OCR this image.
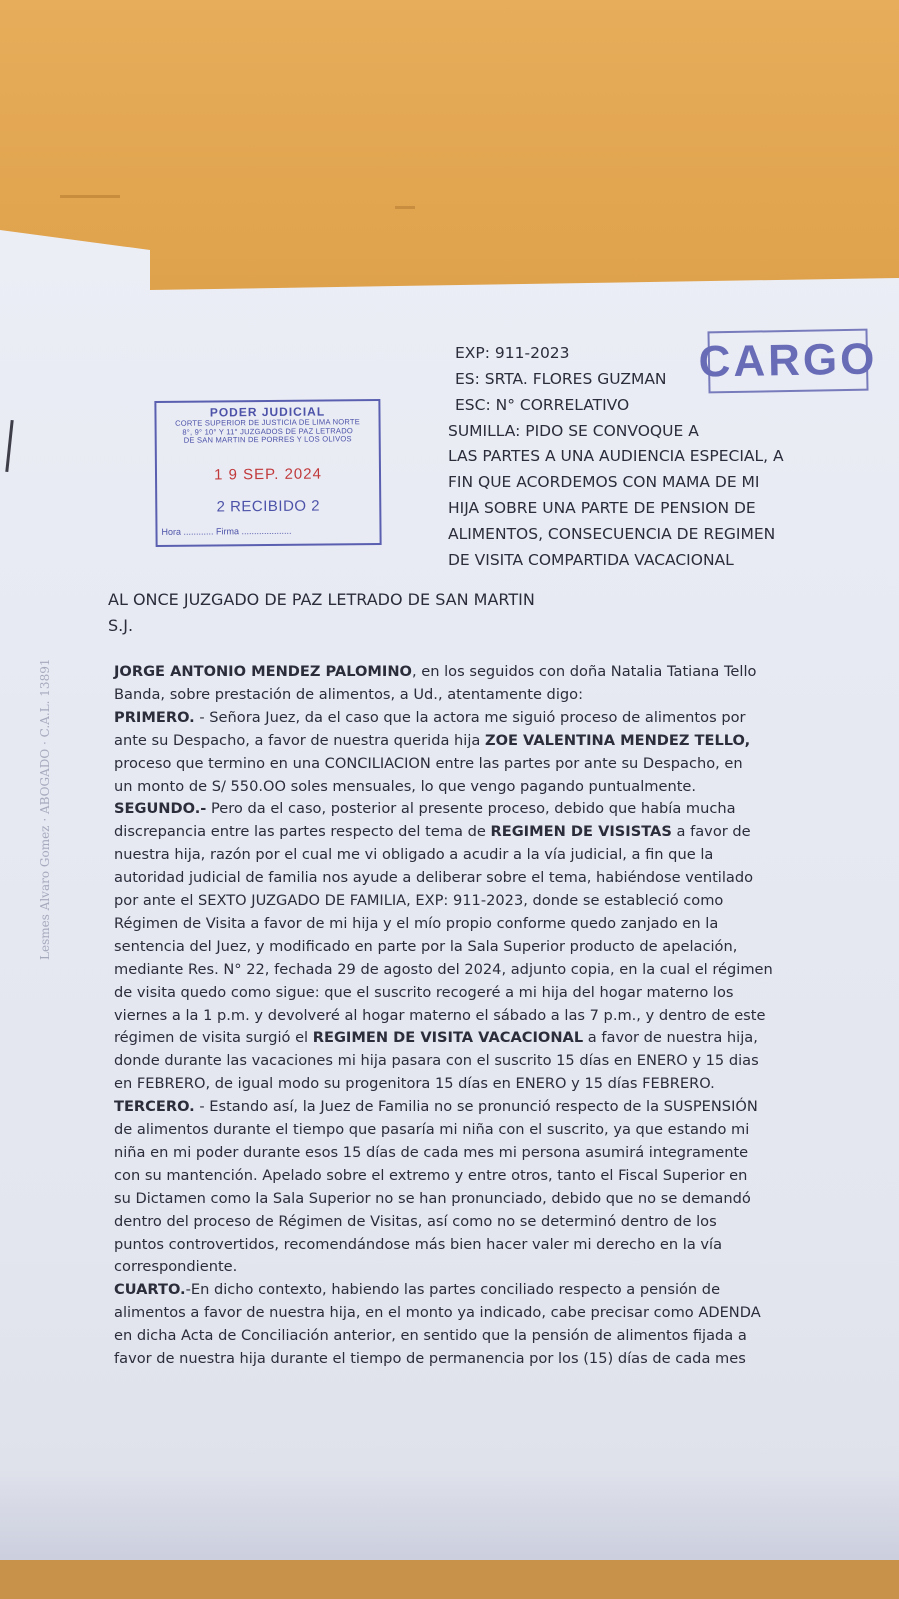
EXP: 911-2023
ES: SRTA. FLORES GUZMAN
ESC: N° CORRELATIVO
SUMILLA: PIDO SE CONVOQUE A
LAS PARTES A UNA AUDIENCIA ESPECIAL, A
FIN QUE ACORDEMOS CON MAMA DE MI
HIJA SOBRE UNA PARTE DE PENSION DE
ALIMENTOS, CONSECUENCIA DE REGIMEN
DE VISITA COMPARTIDA VACACIONAL
CARGO
PODER JUDICIAL
CORTE SUPERIOR DE JUSTICIA DE LIMA NORTE
8°, 9° 10° Y 11° JUZGADOS DE PAZ LETRADO
DE SAN MARTIN DE PORRES Y LOS OLIVOS
1 9 SEP. 2024
2 RECIBIDO 2
Hora ............ Firma ....................
AL ONCE JUZGADO DE PAZ LETRADO DE SAN MARTIN
S.J.
Lesmes Alvaro Gomez · ABOGADO · C.A.L. 13891	JORGE ANTONIO MENDEZ PALOMINO, en los seguidos con doña Natalia Tatiana Tello
Banda, sobre prestación de alimentos, a Ud., atentamente digo:
PRIMERO. - Señora Juez, da el caso que la actora me siguió proceso de alimentos por
ante su Despacho, a favor de nuestra querida hija ZOE VALENTINA MENDEZ TELLO,
proceso que termino en una CONCILIACION entre las partes por ante su Despacho, en
un monto de S/ 550.OO soles mensuales, lo que vengo pagando puntualmente.
SEGUNDO.- Pero da el caso, posterior al presente proceso, debido que había mucha
discrepancia entre las partes respecto del tema de REGIMEN DE VISISTAS a favor de
nuestra hija, razón por el cual me vi obligado a acudir a la vía judicial, a fin que la
autoridad judicial de familia nos ayude a deliberar sobre el tema, habiéndose ventilado
por ante el SEXTO JUZGADO DE FAMILIA, EXP: 911-2023, donde se estableció como
Régimen de Visita a favor de mi hija y el mío propio conforme quedo zanjado en la
sentencia del Juez, y modificado en parte por la Sala Superior producto de apelación,
mediante Res. N° 22, fechada 29 de agosto del 2024, adjunto copia, en la cual el régimen
de visita quedo como sigue: que el suscrito recogeré a mi hija del hogar materno los
viernes a la 1 p.m. y devolveré al hogar materno el sábado a las 7 p.m., y dentro de este
régimen de visita surgió el REGIMEN DE VISITA VACACIONAL a favor de nuestra hija,
donde durante las vacaciones mi hija pasara con el suscrito 15 días en ENERO y 15 dias
en FEBRERO, de igual modo su progenitora 15 días en ENERO y 15 días FEBRERO.
TERCERO. - Estando así, la Juez de Familia no se pronunció respecto de la SUSPENSIÓN
de alimentos durante el tiempo que pasaría mi niña con el suscrito, ya que estando mi
niña en mi poder durante esos 15 días de cada mes mi persona asumirá integramente
con su mantención. Apelado sobre el extremo y entre otros, tanto el Fiscal Superior en
su Dictamen como la Sala Superior no se han pronunciado, debido que no se demandó
dentro del proceso de Régimen de Visitas, así como no se determinó dentro de los
puntos controvertidos, recomendándose más bien hacer valer mi derecho en la vía
correspondiente.
CUARTO.-En dicho contexto, habiendo las partes conciliado respecto a pensión de
alimentos a favor de nuestra hija, en el monto ya indicado, cabe precisar como ADENDA
en dicha Acta de Conciliación anterior, en sentido que la pensión de alimentos fijada a
favor de nuestra hija durante el tiempo de permanencia por los (15) días de cada mes
